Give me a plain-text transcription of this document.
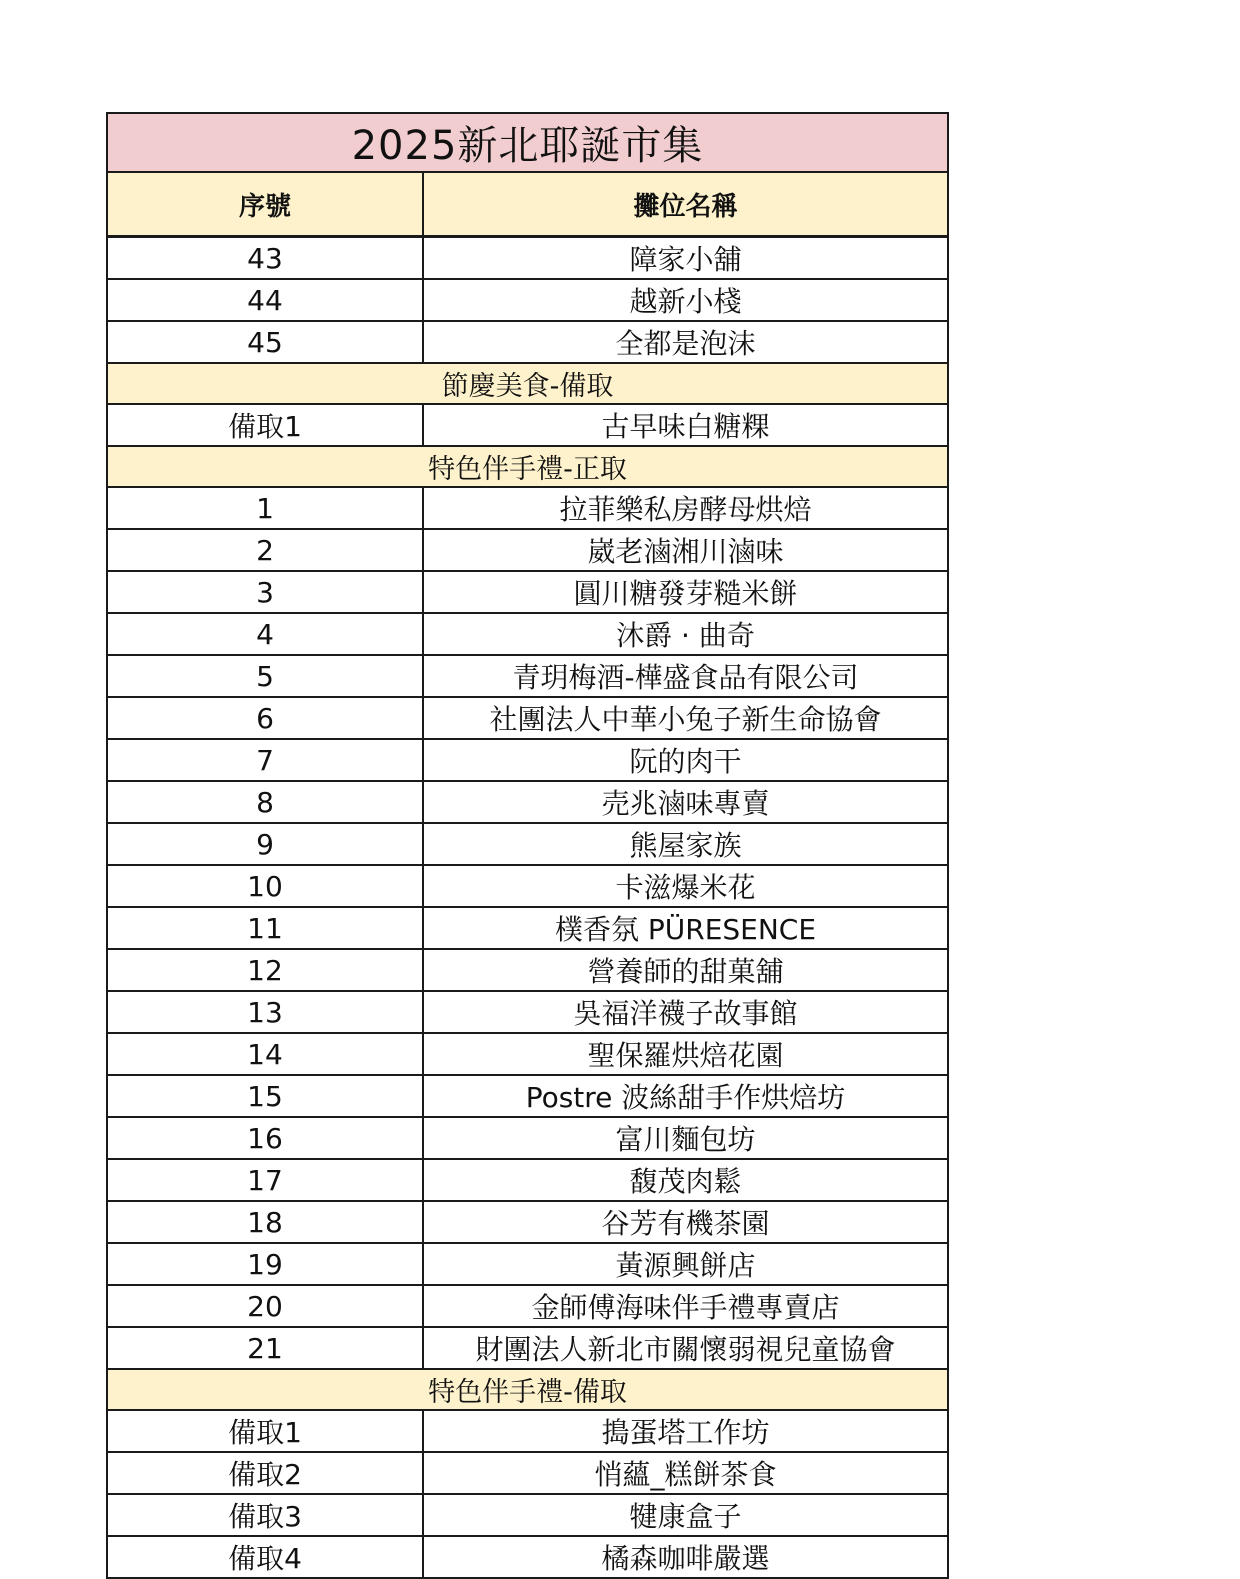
2025新北耶誕市集	
序號	攤位名稱
43	障家小舖
44	越新小棧
45	全都是泡沫
節慶美食-備取	
備取1	古早味白糖粿
特色伴手禮-正取	
1	拉菲樂私房酵母烘焙
2	崴老滷湘川滷味
3	圓川糖發芽糙米餅
4	沐爵 · 曲奇
5	青玥梅酒-樺盛食品有限公司
6	社團法人中華小兔子新生命協會
7	阮的肉干
8	売兆滷味專賣
9	熊屋家族
10	卡滋爆米花
11	樸香氛 PÜRESENCE
12	營養師的甜菓舖
13	吳福洋襪子故事館
14	聖保羅烘焙花園
15	Postre 波絲甜手作烘焙坊
16	富川麵包坊
17	馥茂肉鬆
18	谷芳有機茶園
19	黃源興餅店
20	金師傅海味伴手禮專賣店
21	財團法人新北市關懷弱視兒童協會
特色伴手禮-備取	
備取1	搗蛋塔工作坊
備取2	悄蘊_糕餅茶食
備取3	犍康盒子
備取4	橘森咖啡嚴選
